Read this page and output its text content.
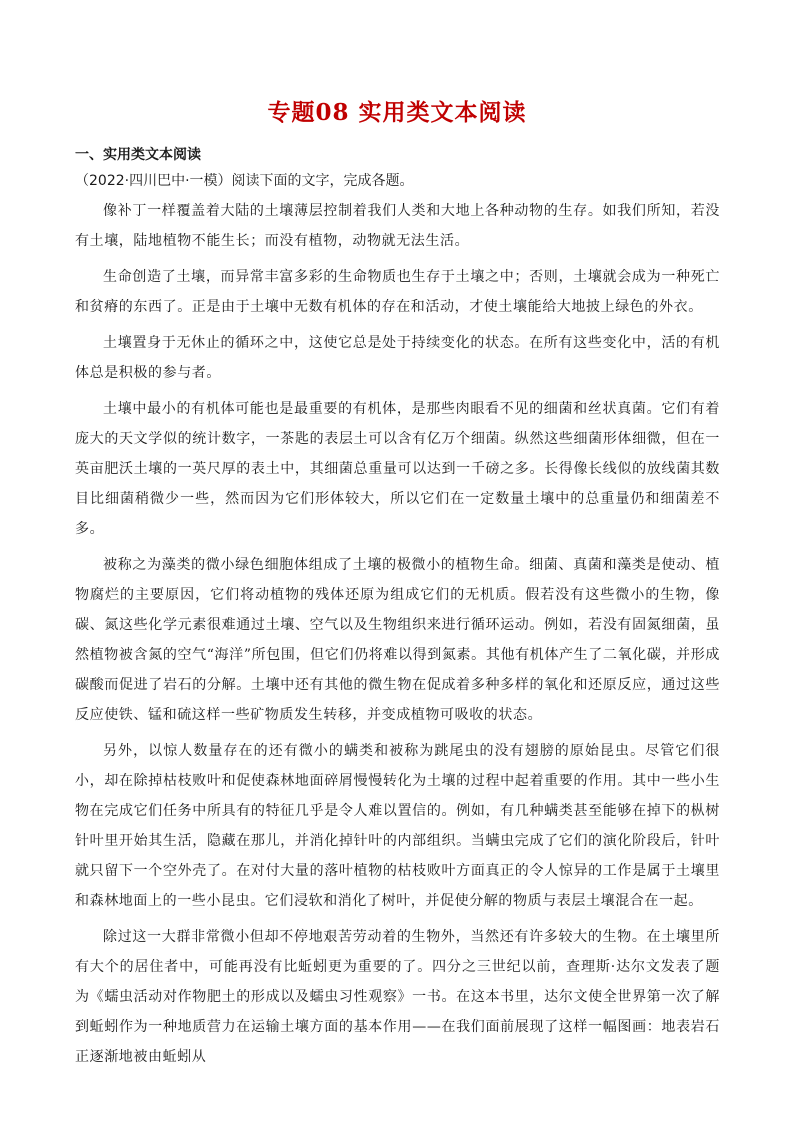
专题08 实用类文本阅读
一、实用类文本阅读
（2022·四川巴中·一模）阅读下面的文字，完成各题。

像补丁一样覆盖着大陆的土壤薄层控制着我们人类和大地上各种动物的生存。如我们所知，若没有土壤，陆地植物不能生长；而没有植物，动物就无法生活。

生命创造了土壤，而异常丰富多彩的生命物质也生存于土壤之中；否则，土壤就会成为一种死亡和贫瘠的东西了。正是由于土壤中无数有机体的存在和活动，才使土壤能给大地披上绿色的外衣。

土壤置身于无休止的循环之中，这使它总是处于持续变化的状态。在所有这些变化中，活的有机体总是积极的参与者。

土壤中最小的有机体可能也是最重要的有机体，是那些肉眼看不见的细菌和丝状真菌。它们有着庞大的天文学似的统计数字，一茶匙的表层土可以含有亿万个细菌。纵然这些细菌形体细微，但在一英亩肥沃土壤的一英尺厚的表土中，其细菌总重量可以达到一千磅之多。长得像长线似的放线菌其数目比细菌稍微少一些，然而因为它们形体较大，所以它们在一定数量土壤中的总重量仍和细菌差不多。

被称之为藻类的微小绿色细胞体组成了土壤的极微小的植物生命。细菌、真菌和藻类是使动、植物腐烂的主要原因，它们将动植物的残体还原为组成它们的无机质。假若没有这些微小的生物，像碳、氮这些化学元素很难通过土壤、空气以及生物组织来进行循环运动。例如，若没有固氮细菌，虽然植物被含氮的空气“海洋”所包围，但它们仍将难以得到氮素。其他有机体产生了二氧化碳，并形成碳酸而促进了岩石的分解。土壤中还有其他的微生物在促成着多种多样的氧化和还原反应，通过这些反应使铁、锰和硫这样一些矿物质发生转移，并变成植物可吸收的状态。

另外，以惊人数量存在的还有微小的螨类和被称为跳尾虫的没有翅膀的原始昆虫。尽管它们很小，却在除掉枯枝败叶和促使森林地面碎屑慢慢转化为土壤的过程中起着重要的作用。其中一些小生物在完成它们任务中所具有的特征几乎是令人难以置信的。例如，有几种螨类甚至能够在掉下的枞树针叶里开始其生活，隐藏在那儿，并消化掉针叶的内部组织。当螨虫完成了它们的演化阶段后，针叶就只留下一个空外壳了。在对付大量的落叶植物的枯枝败叶方面真正的令人惊异的工作是属于土壤里和森林地面上的一些小昆虫。它们浸软和消化了树叶，并促使分解的物质与表层土壤混合在一起。

除过这一大群非常微小但却不停地艰苦劳动着的生物外，当然还有许多较大的生物。在土壤里所有大个的居住者中，可能再没有比蚯蚓更为重要的了。四分之三世纪以前，查理斯·达尔文发表了题为《蠕虫活动对作物肥土的形成以及蠕虫习性观察》一书。在这本书里，达尔文使全世界第一次了解到蚯蚓作为一种地质营力在运输土壤方面的基本作用——在我们面前展现了这样一幅图画：地表岩石正逐渐地被由蚯蚓从
